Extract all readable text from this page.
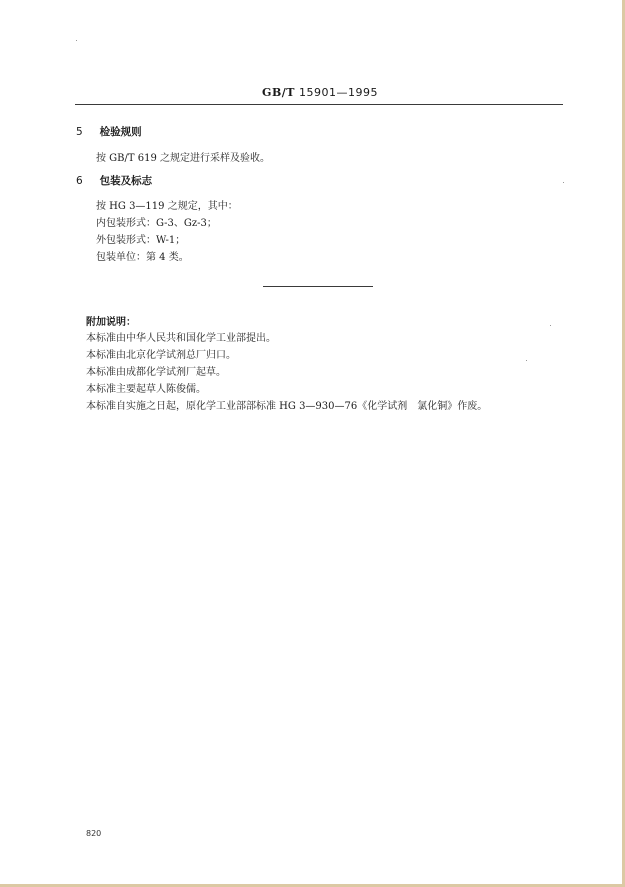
GB/T 15901—1995
5 检验规则
按 GB/T 619 之规定进行采样及验收。
6 包装及标志
按 HG 3—119 之规定，其中：
内包装形式：G-3、Gz-3；
外包装形式：W-1；
包装单位：第 4 类。
附加说明：
本标准由中华人民共和国化学工业部提出。
本标准由北京化学试剂总厂归口。
本标准由成都化学试剂厂起草。
本标准主要起草人陈俊儒。
本标准自实施之日起，原化学工业部部标准 HG 3—930—76《化学试剂　氯化铜》作废。
820
